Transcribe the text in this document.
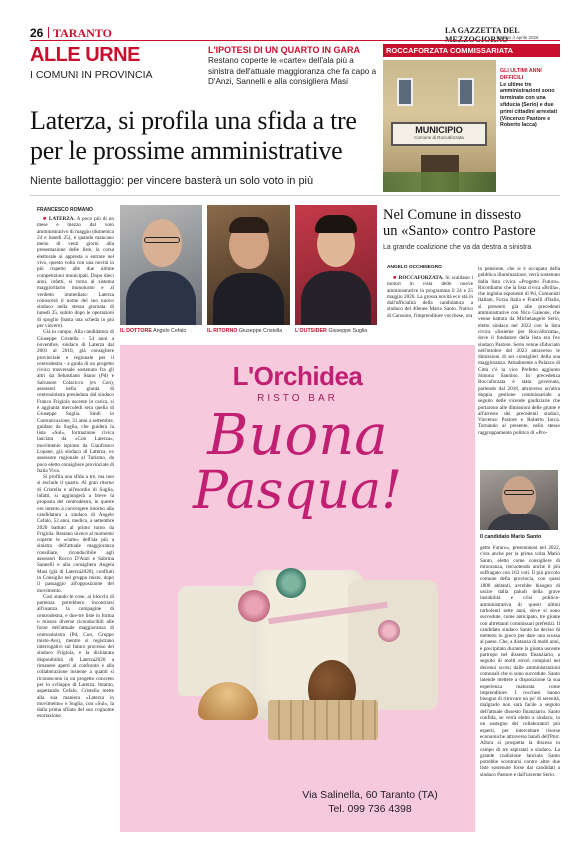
26 TARANTO	LA GAZZETTA DEL
Sabato 4 aprile 2026
ALLE URNE
I COMUNI IN PROVINCIA
L'IPOTESI DI UN QUARTO IN GARA
Restano coperte le «carte» dell'ala più a sinistra dell'attuale maggioranza che fa capo a D'Anzi, Sannelli e alla consigliera Masi
ROCCAFORZATA COMMISSARIATA
MUNICIPIO
Comune di Roccaforzata
GLI ULTIMI ANNI DIFFICILI
Le ultime tre amministrazioni sono terminate con una sfiducia (Serio) e due primi cittadini arrestati (Vincenzo Pastore e Roberto Iacca)
Laterza, si profila una sfida a tre
per le prossime amministrative
Niente ballottaggio: per vincere basterà un solo voto in più
FRANCESCO ROMANO

■ LATERZA. A poco più di un mese e mezzo dal voto amministrativo di maggio (domenica 24 e lunedì 25), è quando mancano meno di venti giorni alla presentazione delle liste, la corsa elettorale si appresta a entrare nel vivo, questo volta con una novità in più rispetto alle due ultime competizioni municipali. Dopo dieci anni, infatti, si torna al sistema maggioritario monoturno e al verdetto immediato: Laterza conoscerà il nome del suo nuovo sindaco nella stessa giornata di lunedì 25, subito dopo le operazioni di spoglio (basta una scheda in più per vincere).

Già in campo. Alla candidatura di Giuseppe Cristella - 54 anni a novembre, sindaco di Laterza dal 2001 al 2010, già consigliere provinciale e regionale per il centrodestra - a guida di un progetto civico trasversale sostenuto fra gli altri da Sebastiano Stano (Pd) e Salvatore Colacicco (ex Con), assessori nella giunta di centrosinistra presieduta dal sindaco Franco Frigiola uscente in carica, si è aggiunta mercoledì sera quella di Giuseppe Suglia. Sindi in Comunicazione, 31 anni a settembre, guidato da Suglia, che guiderà la lista «Sul», formazione civica lanciata da «Con Laterza», movimento ispirato da Gianfranco Lopane, già sindaco di Laterza, ex assessore regionale al Turismo, da poco eletto consigliere provinciale di Italia Viva.

Si profila una sfida a tre, ma non si esclude il quarto. Al gran ritorno di Cristella e all'esordio di Suglia, infatti, si aggiungerà a breve la proposta del centrodestra, in queste ore intento a convergere intorno alla candidatura a sindaco di Angelo Cefalo, 52 anni, medico, a settembre 2020 battuto al primo turno da Frigiola. Restano invece al momento coperte le «carte» dell'ala più a sinistra dell'attuale maggioranza consiliare, riconducibile agli assessori Rocco D'Anzi e Sabrina Sannelli e alla consigliera Angela Masi (già di Laterza2020), confluiti in Consiglio nel gruppo misto, dopo il passaggio all'opposizione del movimento.

Così stando le cose, ai blocchi di partenza potrebbero incontrarsi all'usanza la compagine di centrodestra, e due-tre liste in forma o misura diverse riconducibili alle forze dell'attuale maggioranza di centrosinistra (Pd, Con, Gruppo misto-Avs), mentre si registrano interrogativi sul futuro processo del sindaco Frigiola, e la dichiarata disponibilità di Laterza2020 a rimanere aperti al confronto e alla collaborazione insieme a quanti si riconoscono in un progetto concreto per lo sviluppo di Laterza. Intanto, aspettando Cefalo, Cristella mette alla sua maniera «Laterza in movimento» e Suglia, con «Sul», la dalla prima sfilata del suo cognome esortazione.

IL DOTTORE Angelo Cefalo	IL RITORNO Giuseppe Cristella	L'OUTSIDER Giuseppe Suglia
Nel Comune in dissesto
un «Santo» contro Pastore
La grande coalizione che va da destra a sinistra
ANGELO OCCHINEGRO

■ ROCCAFORZATA. Si scaldano i motori in vista delle nuove amministrative in programma il 24 e 25 maggio 2026. La grossa novità eco stà in dall'ufficialità della candidatura a sindaco del 40enne Mario Santo. Nativo di Carosino, l'imprenditore vocchese, ora

in pensione, che si è occupato della pubblica illuminazione, verrà sostenuto dalla lista civica «Progetto Futuro». Ricordiamo che la lista civica «Brilla», che ingloba esponenti di Pd, Comunisti Italiani, Forza Italia e Fratelli d'Italia, si presentò già alle precedenti amministrative con Nico Galeone, che venne battuto da Michelangelo Serio, eletto sindaco nel 2022 con la lista civica «Insieme per Roccaforzata», dove il fondatore della lista era l'ex sindaco Pastore. Serio venne sfiduciato nell'ottobre del 2023 attraverso le dimissioni di sei consiglieri della sua maggioranza. Attualmente a Palazzo di Città c'è la vice Prefetto aggiunto Simona Sannino. In precedenza Roccaforzata è stata governata, partendo dal 2018, attraverso un'altra doppia gestione commissariale a seguito delle vicende giudiziarie che portarono alle dimissioni delle giunte e all'arresto dei precedenti sindaci, Vincenzo Pastore e Roberto Iacca. Tornando al presente, nello stesso raggruppamento politico di «Pro-

Il candidato Mario Santo

getto Futuro», presentatosi nel 2022, c'era anche per la prima volta Mario Santo, eletto come consigliere di minoranza, riscuotendo anche il più suffragato con 163 voti. Il più piccolo comune della provincia, con quasi 1800 abitanti, avrebbe bisogno di uscire dalla paludi della grave instabilità e crisi politico-amministrativa di questi ultimi turbolenti sette anni, dove si sono succedute, come anticipato, tre giunte con altrettanti commissari prefettizi. Il candidato sindaco Santo ha deciso di mettersi in gioco per dare una scossa al paese. Che, a distanza di molti anni, è precipitato durante la giunta uscente partropo nel dissesto finanziario, a seguito di molti errori compiuti nei decenni scorsi dalle amministrazioni comunali che si sono succedute. Santo intende mettere a disposizione la sua esperienza maturata come imprenditore. I rocchesi hanno bisogno di ritrovare un po' di serenità, malgrado non sarà facile a seguito dell'attuale dissesto finanziario. Santo confida, se verrà eletto a sindaco, in un sostegno dei collaboratori più esperti, per intercettare risorse economiche attraverso bandi dell'Pnrr. Allora si prospetta la discesa in campo di tre aspiranti a sindaco. La grande coalizione lanciata Santo potrebbe scontrarsi contro altre due liste sostenute forse dai candidati a sindaco Pastore e dall'uscente Serio.

L'Orchidea
RISTO BAR
Buona
Pasqua!
Via Salinella, 60 Taranto (TA)
Tel. 099 736 4398
